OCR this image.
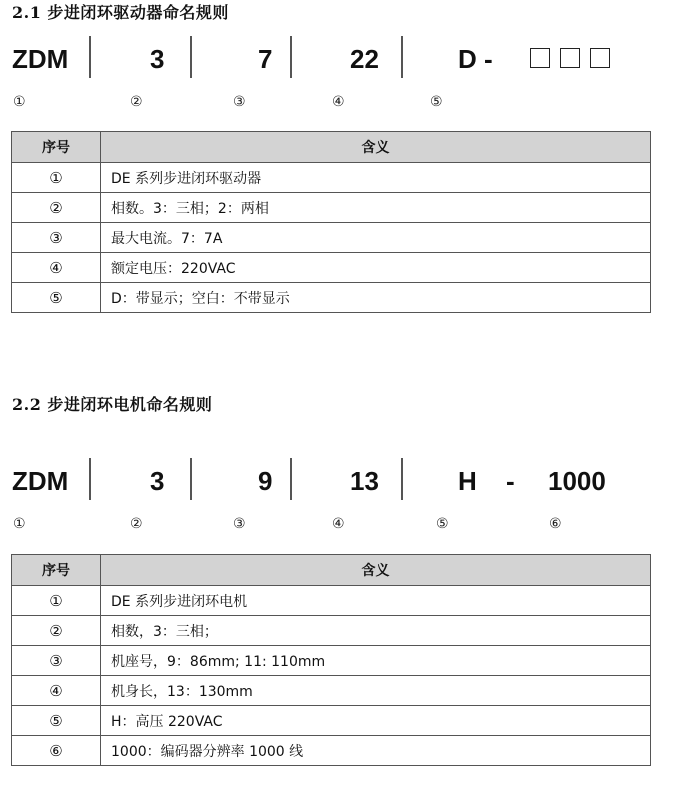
2.1 步进闭环驱动器命名规则
ZDM	3	7	22	D -
①	②	③	④	⑤
序号	含义
①	DE 系列步进闭环驱动器
②	相数。3：三相；2：两相
③	最大电流。7：7A
④	额定电压：220VAC
⑤	D：带显示；空白：不带显示
2.2 步进闭环电机命名规则
ZDM	3	9	13	H - 1000
①	②	③	④	⑤	⑥
序号	含义
①	DE 系列步进闭环电机
②	相数，3：三相；
③	机座号，9：86mm; 11: 110mm
④	机身长，13：130mm
⑤	H：高压 220VAC
⑥	1000：编码器分辨率 1000 线
